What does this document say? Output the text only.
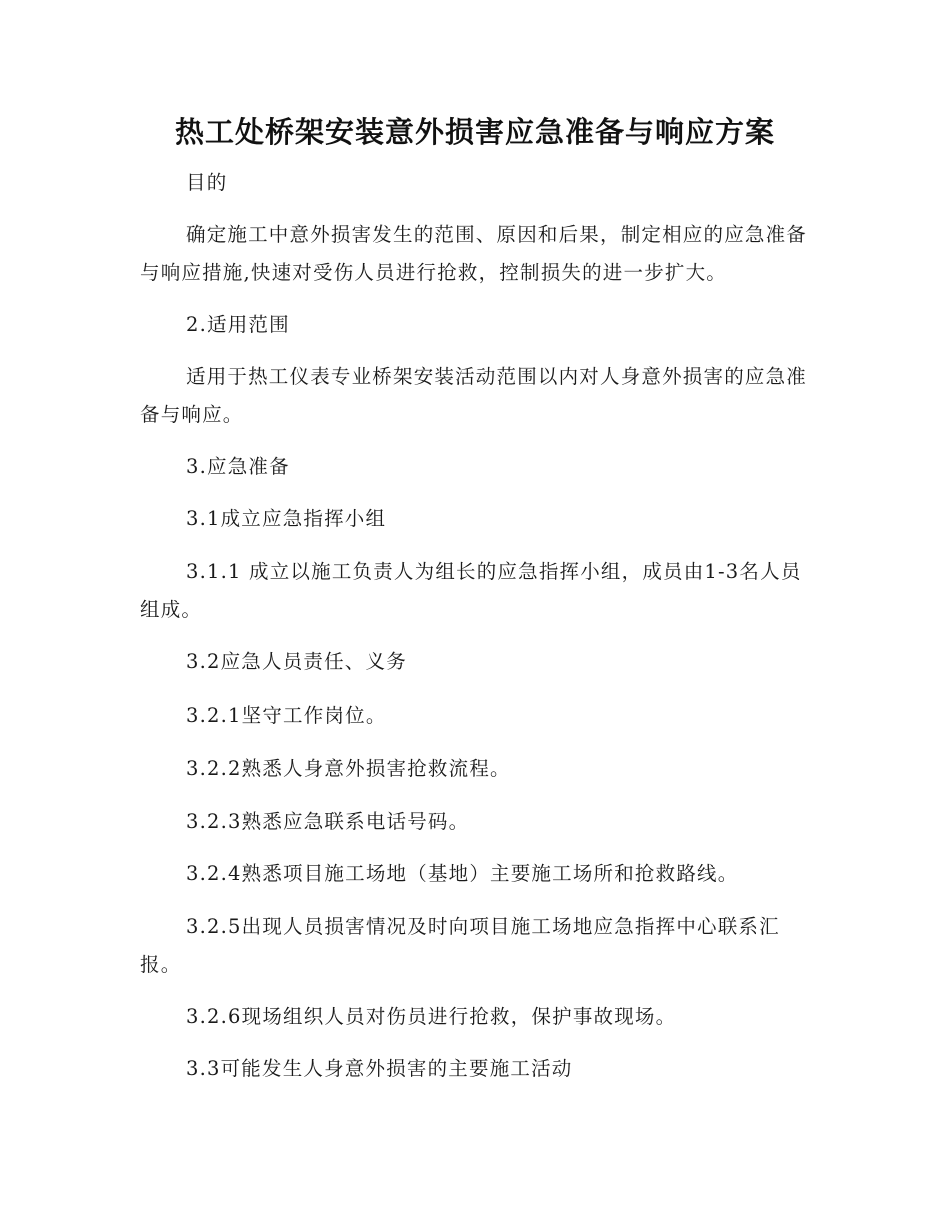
热工处桥架安装意外损害应急准备与响应方案

目的

确定施工中意外损害发生的范围、原因和后果，制定相应的应急准备与响应措施,快速对受伤人员进行抢救，控制损失的进一步扩大。

2.适用范围

适用于热工仪表专业桥架安装活动范围以内对人身意外损害的应急准备与响应。

3.应急准备

3.1成立应急指挥小组

3.1.1 成立以施工负责人为组长的应急指挥小组，成员由1-3名人员组成。

3.2应急人员责任、义务

3.2.1坚守工作岗位。

3.2.2熟悉人身意外损害抢救流程。

3.2.3熟悉应急联系电话号码。

3.2.4熟悉项目施工场地（基地）主要施工场所和抢救路线。

3.2.5出现人员损害情况及时向项目施工场地应急指挥中心联系汇报。

3.2.6现场组织人员对伤员进行抢救，保护事故现场。

3.3可能发生人身意外损害的主要施工活动
